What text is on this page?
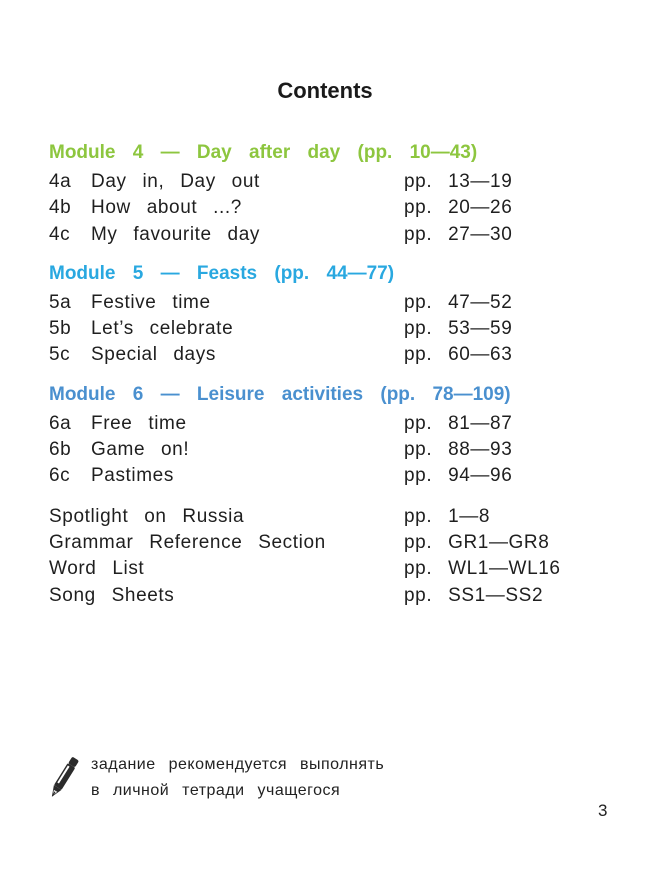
Contents
Module 4 — Day after day (pp. 10—43)
4a Day in, Day out	pp. 13—19
4b How about ...?	pp. 20—26
4c My favourite day	pp. 27—30
Module 5 — Feasts (pp. 44—77)
5a Festive time	pp. 47—52
5b Let’s celebrate	pp. 53—59
5c Special days	pp. 60—63
Module 6 — Leisure activities (pp. 78—109)
6a Free time	pp. 81—87
6b Game on!	pp. 88—93
6c Pastimes	pp. 94—96
Spotlight on Russia	pp. 1—8
Grammar Reference Section	pp. GR1—GR8
Word List	pp. WL1—WL16
Song Sheets	pp. SS1—SS2
задание рекомендуется выполнять
в личной тетради учащегося
3
